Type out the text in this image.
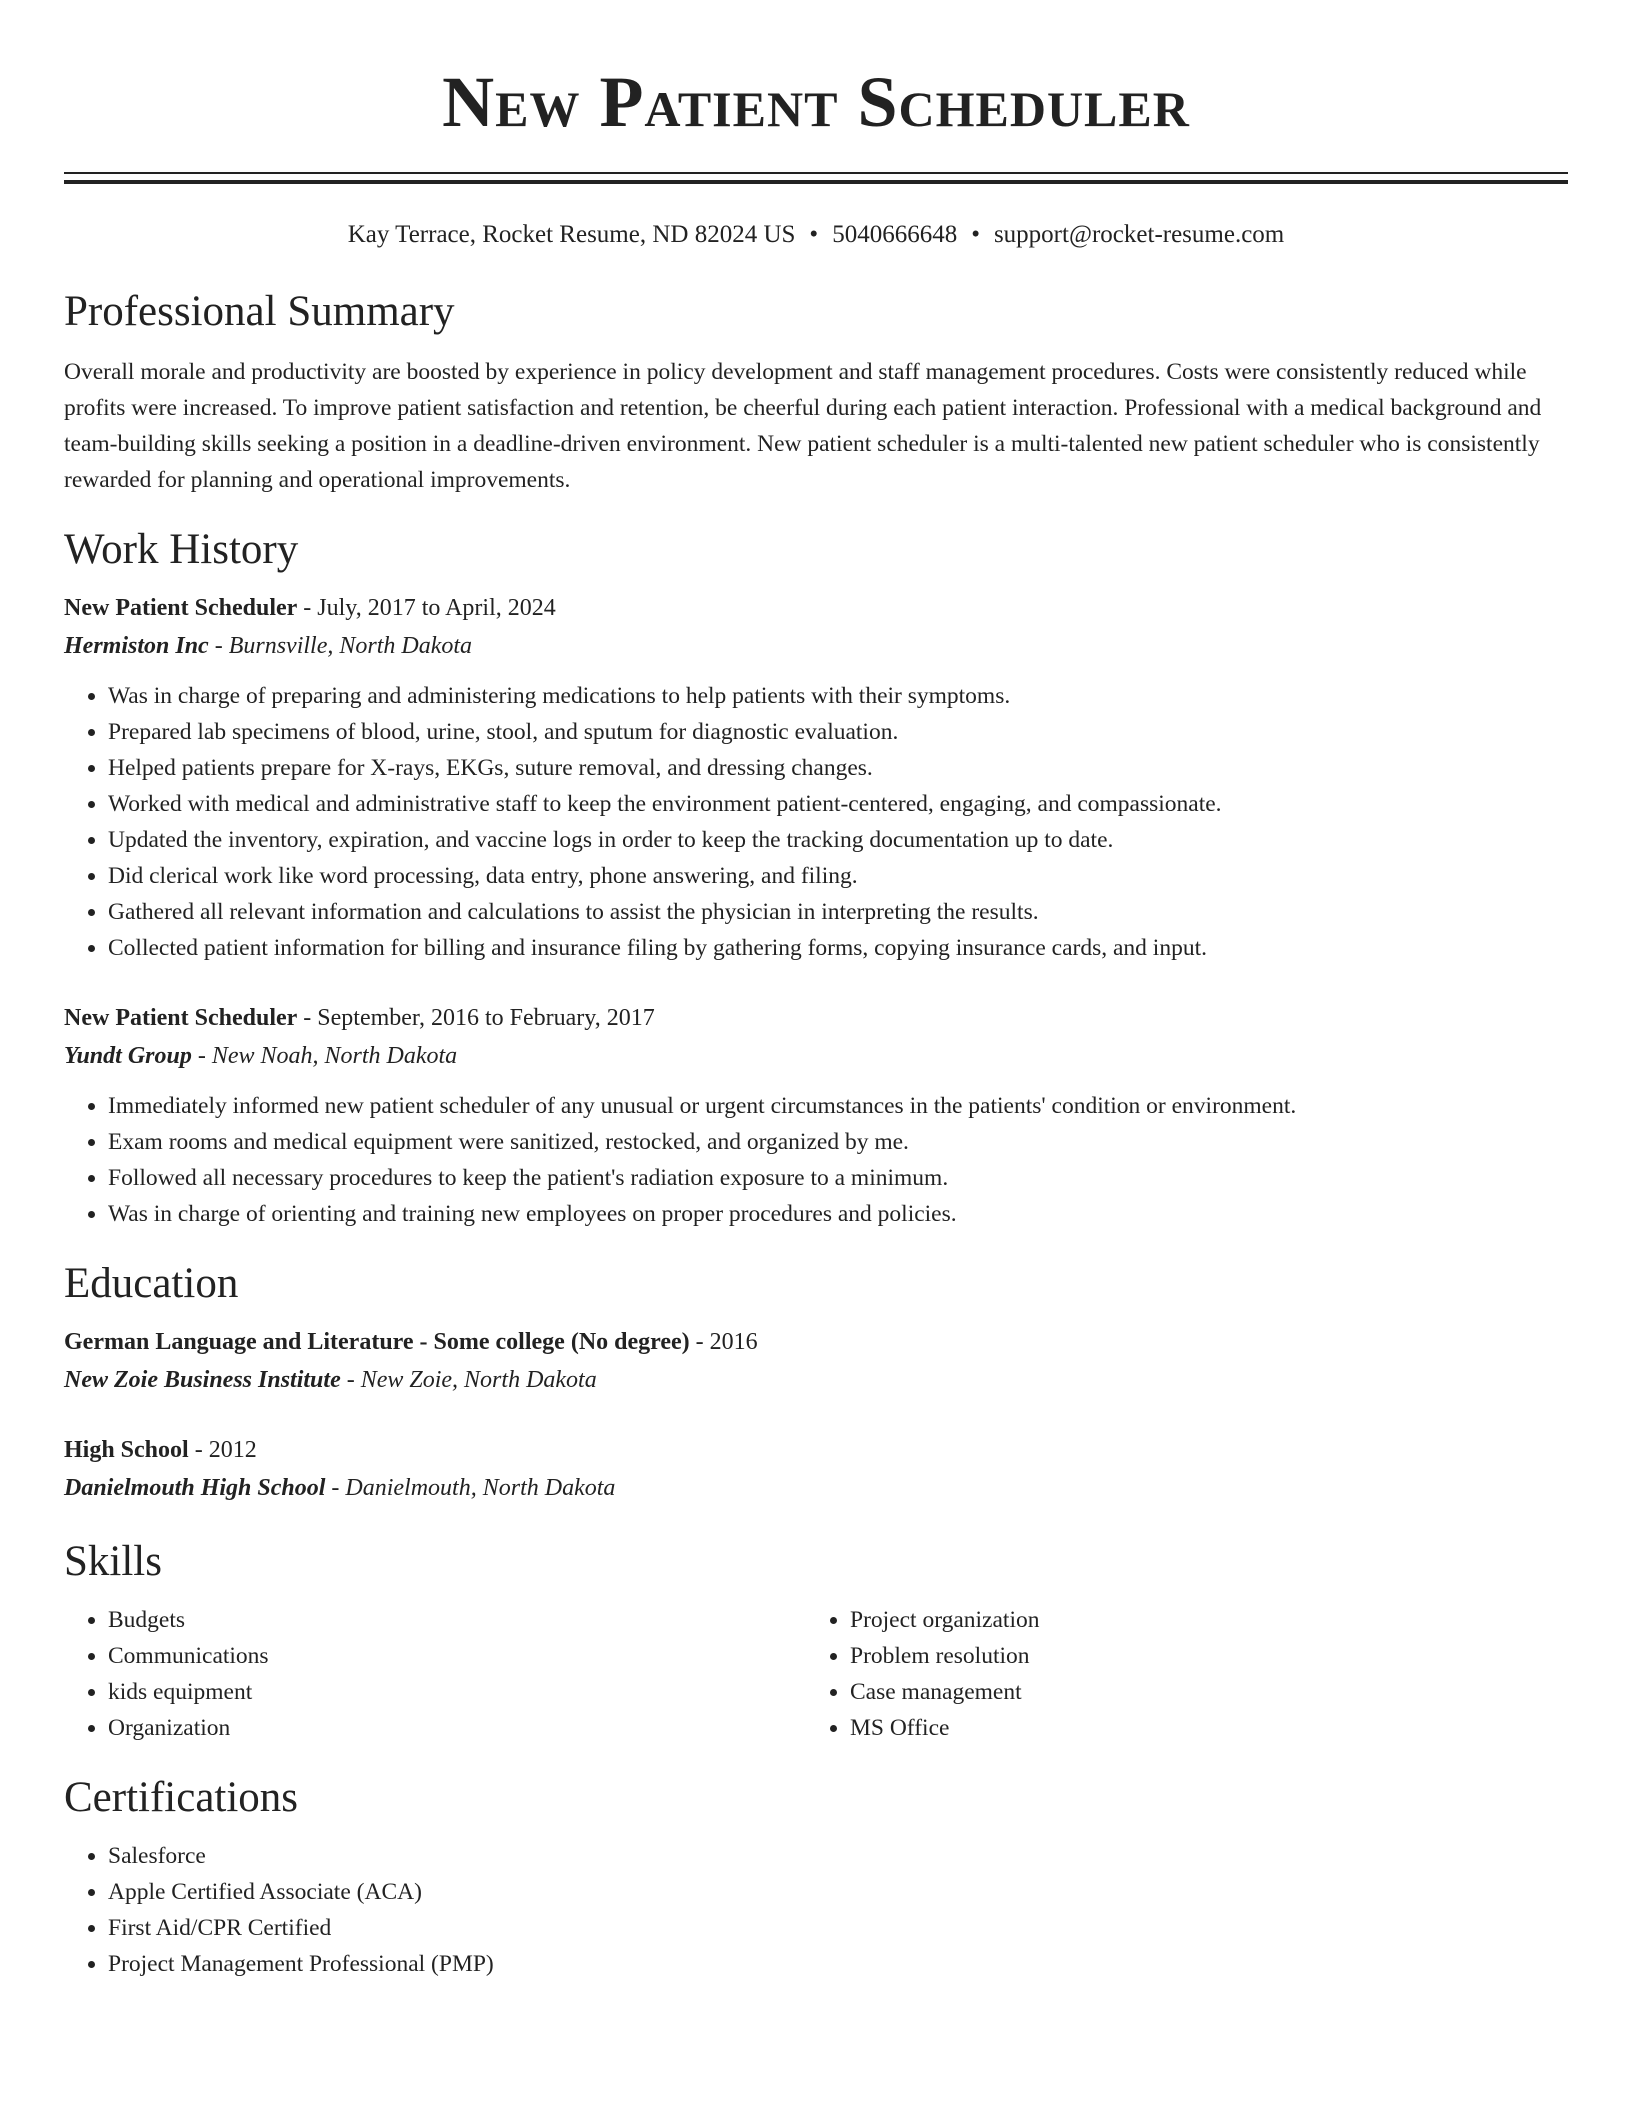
New Patient Scheduler
Kay Terrace, Rocket Resume, ND 82024 US • 5040666648 • support@rocket-resume.com
Professional Summary
Overall morale and productivity are boosted by experience in policy development and staff management procedures. Costs were consistently reduced while profits were increased. To improve patient satisfaction and retention, be cheerful during each patient interaction. Professional with a medical background and team-building skills seeking a position in a deadline-driven environment. New patient scheduler is a multi-talented new patient scheduler who is consistently rewarded for planning and operational improvements.
Work History
New Patient Scheduler - July, 2017 to April, 2024
Hermiston Inc - Burnsville, North Dakota
• Was in charge of preparing and administering medications to help patients with their symptoms.
• Prepared lab specimens of blood, urine, stool, and sputum for diagnostic evaluation.
• Helped patients prepare for X-rays, EKGs, suture removal, and dressing changes.
• Worked with medical and administrative staff to keep the environment patient-centered, engaging, and compassionate.
• Updated the inventory, expiration, and vaccine logs in order to keep the tracking documentation up to date.
• Did clerical work like word processing, data entry, phone answering, and filing.
• Gathered all relevant information and calculations to assist the physician in interpreting the results.
• Collected patient information for billing and insurance filing by gathering forms, copying insurance cards, and input.
New Patient Scheduler - September, 2016 to February, 2017
Yundt Group - New Noah, North Dakota
• Immediately informed new patient scheduler of any unusual or urgent circumstances in the patients' condition or environment.
• Exam rooms and medical equipment were sanitized, restocked, and organized by me.
• Followed all necessary procedures to keep the patient's radiation exposure to a minimum.
• Was in charge of orienting and training new employees on proper procedures and policies.
Education
German Language and Literature - Some college (No degree) - 2016
New Zoie Business Institute - New Zoie, North Dakota
High School - 2012
Danielmouth High School - Danielmouth, North Dakota
Skills
• Budgets
• Communications
• kids equipment
• Organization
• Project organization
• Problem resolution
• Case management
• MS Office
Certifications
• Salesforce
• Apple Certified Associate (ACA)
• First Aid/CPR Certified
• Project Management Professional (PMP)
